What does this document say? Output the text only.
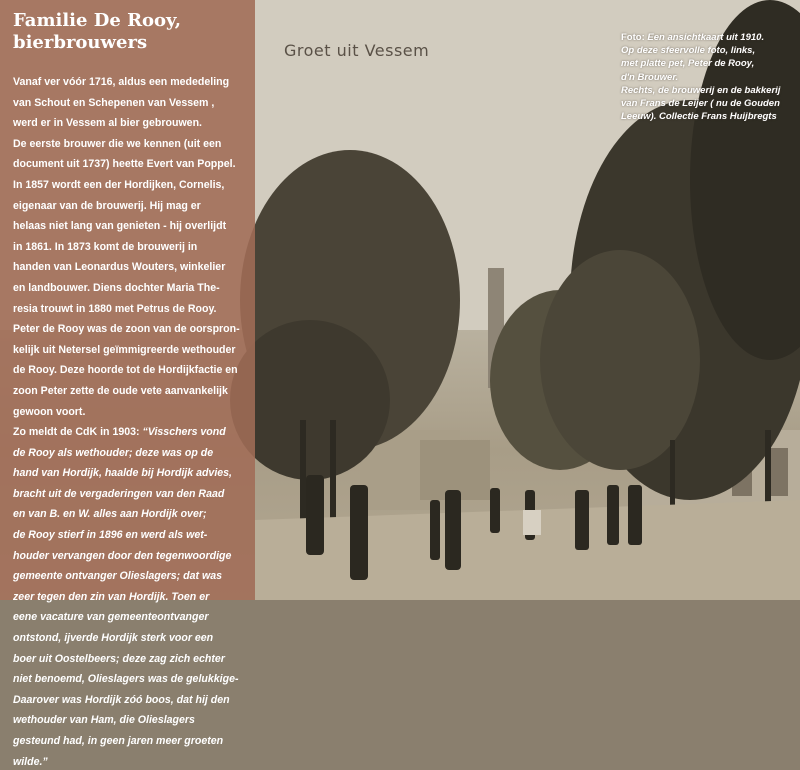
Groet uit Vessem
Familie De Rooy,
bierbrouwers
Vanaf ver vóór 1716, aldus een mededeling
van Schout en Schepenen van Vessem ,
werd er in Vessem al bier gebrouwen.
De eerste brouwer die we kennen (uit een
document uit 1737) heette Evert van Poppel.
In 1857 wordt een der Hordijken, Cornelis,
eigenaar van de brouwerij. Hij mag er
helaas niet lang van genieten - hij overlijdt
in 1861. In 1873 komt de brouwerij in
handen van Leonardus Wouters, winkelier
en landbouwer. Diens dochter Maria The-
resia trouwt in 1880 met Petrus de Rooy.
Peter de Rooy was de zoon van de oorspron-
kelijk uit Netersel geïmmigreerde wethouder
de Rooy. Deze hoorde tot de Hordijkfactie en
zoon Peter zette de oude vete aanvankelijk
gewoon voort.
Zo meldt de CdK in 1903: “Visschers vond
de Rooy als wethouder; deze was op de
hand van Hordijk, haalde bij Hordijk advies,
bracht uit de vergaderingen van den Raad
en van B. en W. alles aan Hordijk over;
de Rooy stierf in 1896 en werd als wet-
houder vervangen door den tegenwoordige
gemeente ontvanger Olieslagers; dat was
zeer tegen den zin van Hordijk. Toen er
eene vacature van gemeenteontvanger
ontstond, ijverde Hordijk sterk voor een
boer uit Oostelbeers; deze zag zich echter
niet benoemd, Olieslagers was de gelukkige-
Daarover was Hordijk zóó boos, dat hij den
wethouder van Ham, die Olieslagers
gesteund had, in geen jaren meer groeten
wilde.”
Foto: Een ansichtkaart uit 1910.
Op deze sfeervolle foto, links,
met platte pet, Peter de Rooy,
d'n Brouwer.
Rechts, de brouwerij en de bakkerij
van Frans de Leijer ( nu de Gouden
Leeuw). Collectie Frans Huijbregts
